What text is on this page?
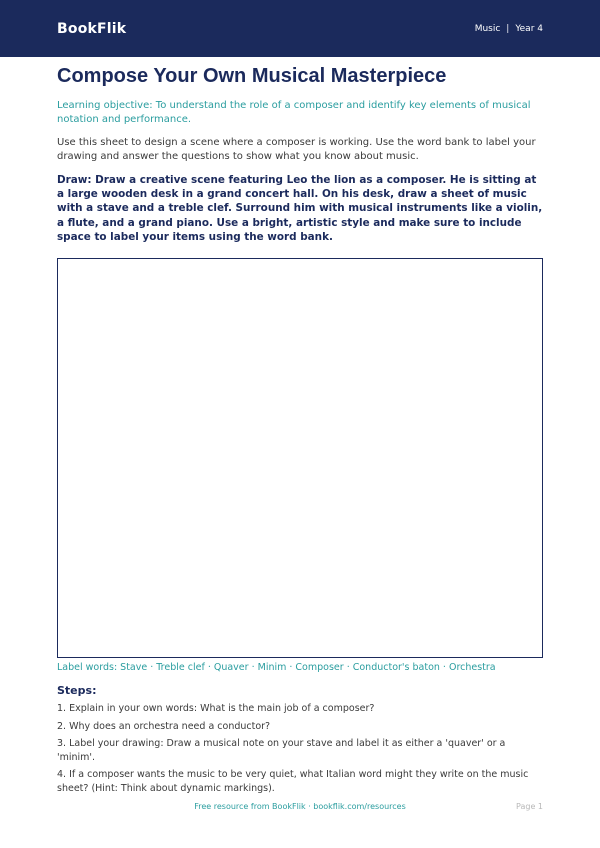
BookFlik	Music | Year 4
Compose Your Own Musical Masterpiece

Learning objective: To understand the role of a composer and identify key elements of musical notation and performance.

Use this sheet to design a scene where a composer is working. Use the word bank to label your drawing and answer the questions to show what you know about music.

Draw: Draw a creative scene featuring Leo the lion as a composer. He is sitting at a large wooden desk in a grand concert hall. On his desk, draw a sheet of music with a stave and a treble clef. Surround him with musical instruments like a violin, a flute, and a grand piano. Use a bright, artistic style and make sure to include space to label your items using the word bank.

Label words: Stave · Treble clef · Quaver · Minim · Composer · Conductor's baton · Orchestra
Steps:
1. Explain in your own words: What is the main job of a composer?
2. Why does an orchestra need a conductor?
3. Label your drawing: Draw a musical note on your stave and label it as either a 'quaver' or a 'minim'.
4. If a composer wants the music to be very quiet, what Italian word might they write on the music sheet? (Hint: Think about dynamic markings).
Free resource from BookFlik · bookflik.com/resources	Page 1
